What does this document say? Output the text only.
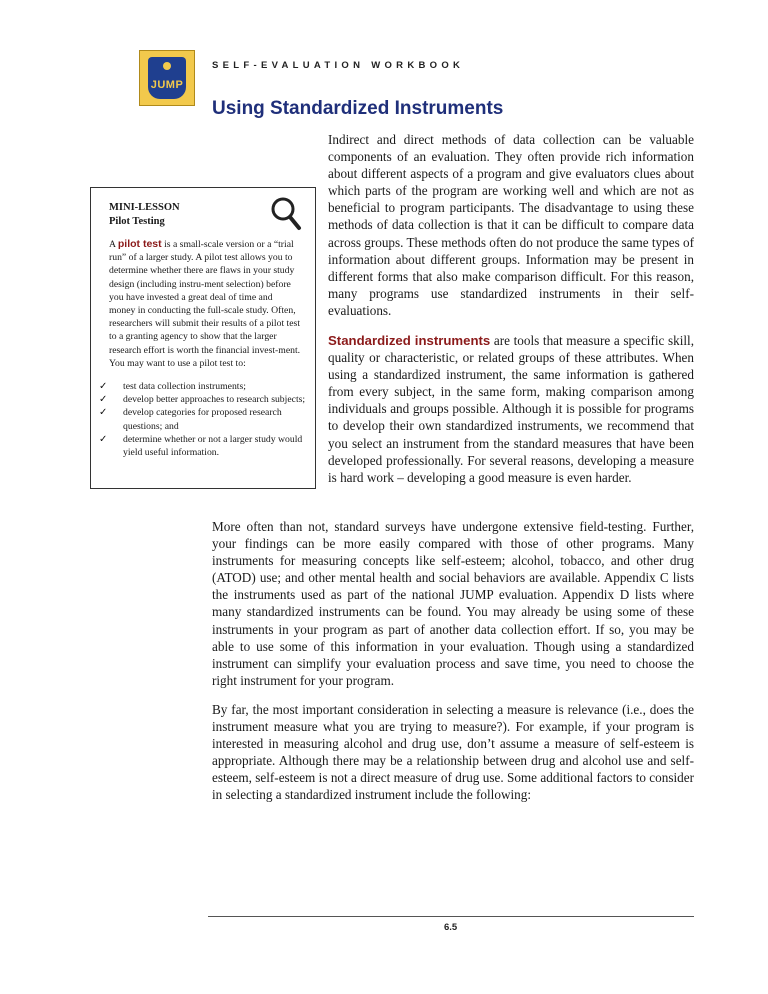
JUMP
SELF-EVALUATION WORKBOOK
Using Standardized Instruments

Indirect and direct methods of data collection can be valuable components of an evaluation. They often provide rich information about different aspects of a program and give evaluators clues about which parts of the program are working well and which are not as beneficial to program participants. The disadvantage to using these methods of data collection is that it can be difficult to compare data across groups. These methods often do not produce the same types of information about different groups. Information may be present in different forms that also make comparison difficult. For this reason, many programs use standardized instruments in their self-evaluations.

MINI-LESSON
Pilot Testing

A pilot test is a small-scale version or a “trial run” of a larger study. A pilot test allows you to determine whether there are flaws in your study design (including instru-ment selection) before you have invested a great deal of time and money in conducting the full-scale study. Often, researchers will submit their results of a pilot test to a granting agency to show that the larger research effort is worth the financial invest-ment. You may want to use a pilot test to:

✓ test data collection instruments;
✓ develop better approaches to research subjects;
✓ develop categories for proposed research questions; and
✓ determine whether or not a larger study would yield useful information.

Standardized instruments are tools that measure a specific skill, quality or characteristic, or related groups of these attributes. When using a standardized instrument, the same information is gathered from every subject, in the same form, making comparison among individuals and groups possible. Although it is possible for programs to develop their own standardized instruments, we recommend that you select an instrument from the standard measures that have been developed professionally. For several reasons, developing a measure is hard work – developing a good measure is even harder.

More often than not, standard surveys have undergone extensive field-testing. Further, your findings can be more easily compared with those of other programs. Many instruments for measuring concepts like self-esteem; alcohol, tobacco, and other drug (ATOD) use; and other mental health and social behaviors are available. Appendix C lists the instruments used as part of the national JUMP evaluation. Appendix D lists where many standardized instruments can be found. You may already be using some of these instruments in your program as part of another data collection effort. If so, you may be able to use some of this information in your evaluation. Though using a standardized instrument can simplify your evaluation process and save time, you need to choose the right instrument for your program.

By far, the most important consideration in selecting a measure is relevance (i.e., does the instrument measure what you are trying to measure?). For example, if your program is interested in measuring alcohol and drug use, don’t assume a measure of self-esteem is appropriate. Although there may be a relationship between drug and alcohol use and self-esteem, self-esteem is not a direct measure of drug use. Some additional factors to consider in selecting a standardized instrument include the following:

6.5
